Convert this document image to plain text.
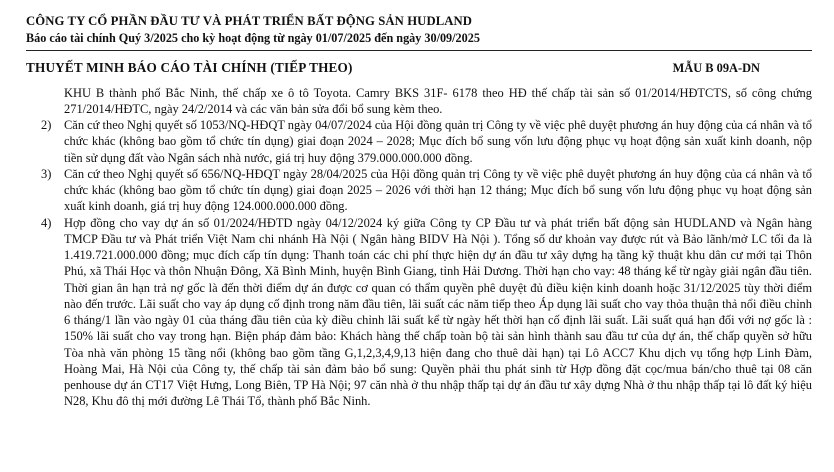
CÔNG TY CỔ PHẦN ĐẦU TƯ VÀ PHÁT TRIỂN BẤT ĐỘNG SẢN HUDLAND
Báo cáo tài chính Quý 3/2025 cho kỳ hoạt động từ ngày 01/07/2025 đến ngày 30/09/2025
THUYẾT MINH BÁO CÁO TÀI CHÍNH (TIẾP THEO)	MẪU B 09A-DN

KHU B thành phố Bắc Ninh, thế chấp xe ô tô Toyota. Camry BKS 31F- 6178 theo HĐ thế chấp tài sản số 01/2014/HĐTCTS, số công chứng 271/2014/HĐTC, ngày 24/2/2014 và các văn bản sửa đổi bổ sung kèm theo.

2)	Căn cứ theo Nghị quyết số 1053/NQ-HĐQT ngày 04/07/2024 của Hội đồng quản trị Công ty về việc phê duyệt phương án huy động của cá nhân và tổ chức khác (không bao gồm tổ chức tín dụng) giai đoạn 2024 – 2028; Mục đích bổ sung vốn lưu động phục vụ hoạt động sản xuất kinh doanh, nộp tiền sử dụng đất vào Ngân sách nhà nước, giá trị huy động 379.000.000.000 đồng.
3)	Căn cứ theo Nghị quyết số 656/NQ-HĐQT ngày 28/04/2025 của Hội đồng quản trị Công ty về việc phê duyệt phương án huy động của cá nhân và tổ chức khác (không bao gồm tổ chức tín dụng) giai đoạn 2025 – 2026 với thời hạn 12 tháng; Mục đích bổ sung vốn lưu động phục vụ hoạt động sản xuất kinh doanh, giá trị huy động 124.000.000.000 đồng.
4)	Hợp đồng cho vay dự án số 01/2024/HĐTD ngày 04/12/2024 ký giữa Công ty CP Đầu tư và phát triển bất động sản HUDLAND và Ngân hàng TMCP Đầu tư và Phát triển Việt Nam chi nhánh Hà Nội ( Ngân hàng BIDV Hà Nội ). Tổng số dư khoản vay được rút và Bảo lãnh/mở LC tối đa là 1.419.721.000.000 đồng; mục đích cấp tín dụng: Thanh toán các chi phí thực hiện dự án đầu tư xây dựng hạ tầng kỹ thuật khu dân cư mới tại Thôn Phú, xã Thái Học và thôn Nhuận Đông, Xã Bình Minh, huyện Bình Giang, tỉnh Hải Dương. Thời hạn cho vay: 48 tháng kể từ ngày giải ngân đầu tiên. Thời gian ân hạn trả nợ gốc là đến thời điểm dự án được cơ quan có thẩm quyền phê duyệt đủ điều kiện kinh doanh hoặc 31/12/2025 tùy thời điểm nào đến trước. Lãi suất cho vay áp dụng cố định trong năm đầu tiên, lãi suất các năm tiếp theo Áp dụng lãi suất cho vay thỏa thuận thả nổi điều chỉnh 6 tháng/1 lần vào ngày 01 của tháng đầu tiên của kỳ điều chỉnh lãi suất kể từ ngày hết thời hạn cố định lãi suất. Lãi suất quá hạn đối với nợ gốc là : 150% lãi suất cho vay trong hạn. Biện pháp đảm bảo: Khách hàng thế chấp toàn bộ tài sản hình thành sau đầu tư của dự án, thế chấp quyền sở hữu Tòa nhà văn phòng 15 tầng nổi (không bao gồm tầng G,1,2,3,4,9,13 hiện đang cho thuê dài hạn) tại Lô ACC7 Khu dịch vụ tổng hợp Linh Đàm, Hoàng Mai, Hà Nội của Công ty, thế chấp tài sản đảm bảo bổ sung: Quyền phải thu phát sinh từ Hợp đồng đặt cọc/mua bán/cho thuê tại 08 căn penhouse dự án CT17 Việt Hưng, Long Biên, TP Hà Nội; 97 căn nhà ở thu nhập thấp tại dự án đầu tư xây dựng Nhà ở thu nhập thấp tại lô đất ký hiệu N28, Khu đô thị mới đường Lê Thái Tổ, thành phố Bắc Ninh.
